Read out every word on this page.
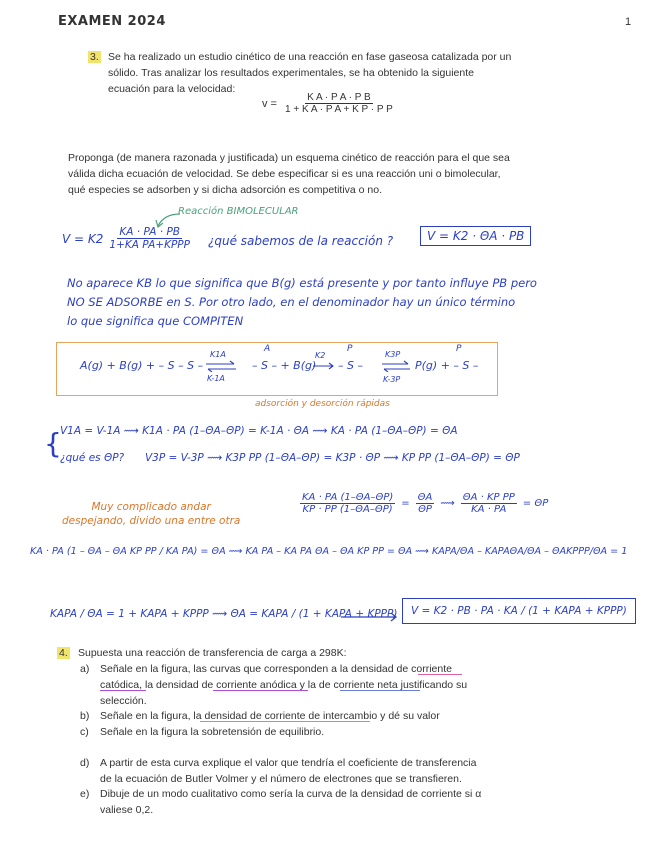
EXAMEN 2024	1
3. Se ha realizado un estudio cinético de una reacción en fase gaseosa catalizada por un
sólido. Tras analizar los resultados experimentales, se ha obtenido la siguiente
ecuación para la velocidad:
$v = \frac{\text{K A · P A · P B}}{\text{1 + K A · P A + K P · P P}}$
Proponga (de manera razonada y justificada) un esquema cinético de reacción para el que sea
válida dicha ecuación de velocidad. Se debe especificar si es una reacción uni o bimolecular,
qué especies se adsorben y si dicha adsorción es competitiva o no.
Reacción BIMOLECULAR
$V = K2 \frac{KA \cdot PA \cdot PB}{\text{1+KA PA+KPPP}}$ ¿qué sabemos de la reacción ?	V = K2 · ΘA · PB
No aparece KB lo que significa que B(g) está presente y por tanto influye PB pero
NO SE ADSORBE en S. Por otro lado, en el denominador hay un único término
lo que significa que COMPITEN
A(g) + B(g) + – S – S –
K1A
K-1A
A
– S – + B(g)
K2
P
– S –
K3P
K-3P
P
P(g) + – S –
adsorción y desorción rápidas
{
V1A = V-1A ⟿ K1A · PA (1–ΘA–ΘP) = K-1A · ΘA ⟿ KA · PA (1–ΘA–ΘP) = ΘA
¿qué es ΘP? V3P = V-3P ⟿ K3P PP (1–ΘA–ΘP) = K3P · ΘP ⟿ KP PP (1–ΘA–ΘP) = ΘP
Muy complicado andar
despejando, divido una entre otra
$\frac{KA \cdot PA (1-\Theta A-\Theta P)}{KP \cdot PP (1-\Theta A-\Theta P)} = \frac{\Theta A}{\Theta P}$ ⟿ $\frac{\text{ΘA · KP PP}}{KA \cdot PA} = \Theta P$
KA · PA (1 – ΘA – ΘA KP PP / KA PA) = ΘA ⟿ KA PA – KA PA ΘA – ΘA KP PP = ΘA ⟿ KAPA/ΘA – KAPAΘA/ΘA – ΘAKPPP/ΘA = 1
KAPA / ΘA = 1 + KAPA + KPPP ⟿ ΘA = KAPA / (1 + KAPA + KPPP)	V = K2 · PB · PA · KA / (1 + KAPA + KPPP)
4. Supuesta una reacción de transferencia de carga a 298K:
a) Señale en la figura, las curvas que corresponden a la densidad de corriente
catódica, la densidad de corriente anódica y la de corriente neta justificando su
selección.
b) Señale en la figura, la densidad de corriente de intercambio y dé su valor
c) Señale en la figura la sobretensión de equilibrio.
d) A partir de esta curva explique el valor que tendría el coeficiente de transferencia
de la ecuación de Butler Volmer y el número de electrones que se transfieren.
e) Dibuje de un modo cualitativo como sería la curva de la densidad de corriente si α
valiese 0,2.
